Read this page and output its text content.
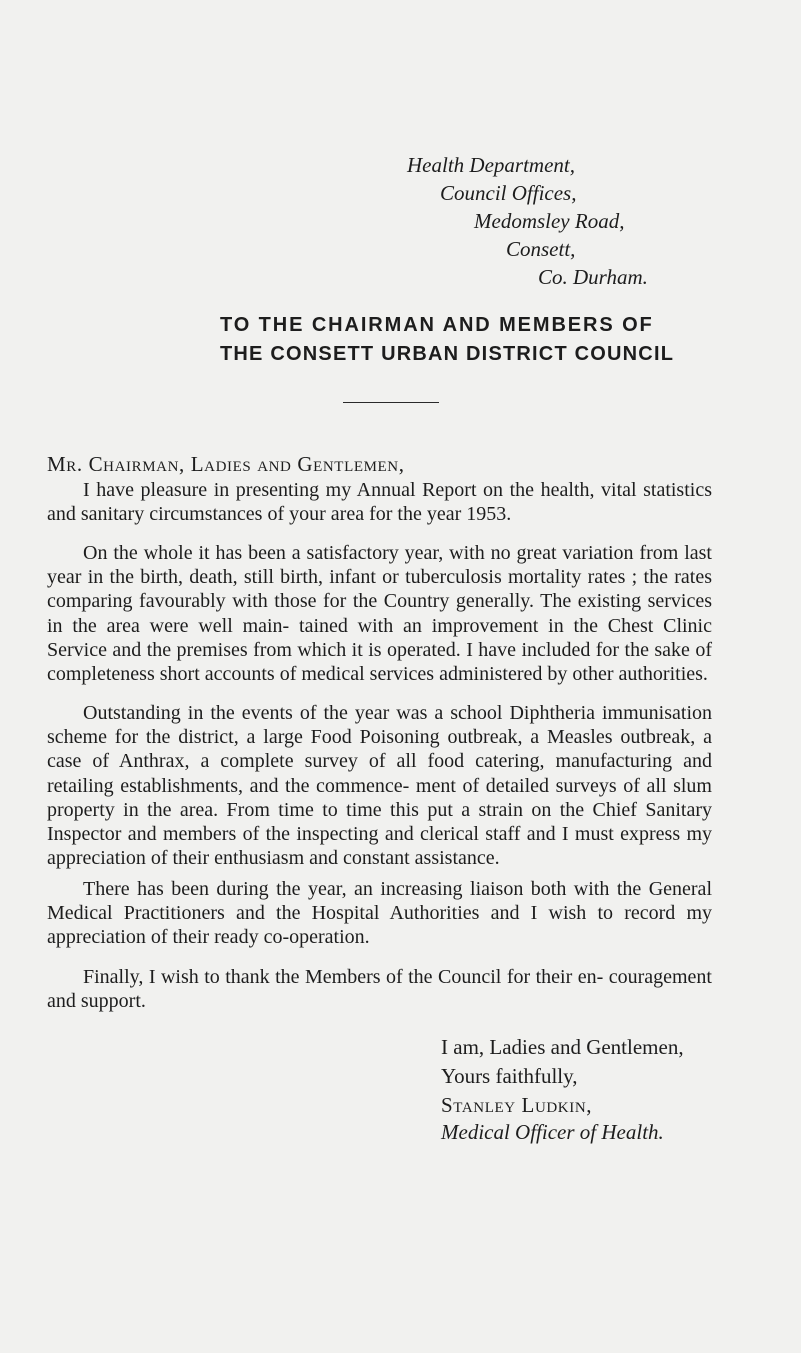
Health Department,
Council Offices,
Medomsley Road,
Consett,
Co. Durham.
TO THE CHAIRMAN AND MEMBERS OF
THE CONSETT URBAN DISTRICT COUNCIL
Mr. Chairman, Ladies and Gentlemen,

I have pleasure in presenting my Annual Report on the health, vital statistics and sanitary circumstances of your area for the year 1953.

On the whole it has been a satisfactory year, with no great variation from last year in the birth, death, still birth, infant or tuberculosis mortality rates ; the rates comparing favourably with those for the Country generally. The existing services in the area were well main- tained with an improvement in the Chest Clinic Service and the premises from which it is operated. I have included for the sake of completeness short accounts of medical services administered by other authorities.

Outstanding in the events of the year was a school Diphtheria immunisation scheme for the district, a large Food Poisoning outbreak, a Measles outbreak, a case of Anthrax, a complete survey of all food catering, manufacturing and retailing establishments, and the commence- ment of detailed surveys of all slum property in the area. From time to time this put a strain on the Chief Sanitary Inspector and members of the inspecting and clerical staff and I must express my appreciation of their enthusiasm and constant assistance.

There has been during the year, an increasing liaison both with the General Medical Practitioners and the Hospital Authorities and I wish to record my appreciation of their ready co-operation.

Finally, I wish to thank the Members of the Council for their en- couragement and support.

I am, Ladies and Gentlemen,
Yours faithfully,
Stanley Ludkin,
Medical Officer of Health.
